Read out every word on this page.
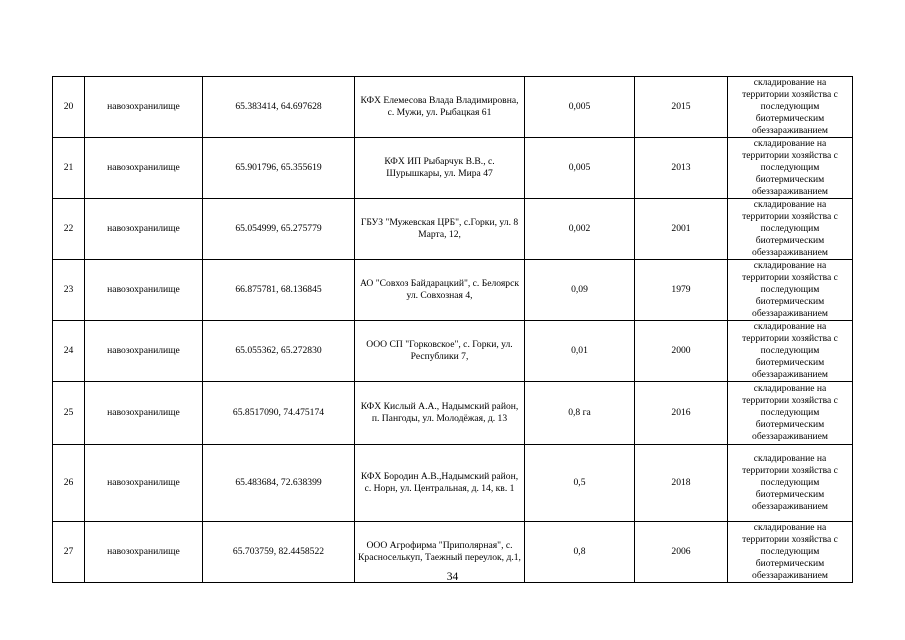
20	навозохранилище	65.383414, 64.697628	КФХ Елемесова Влада Владимировна, с. Мужи, ул. Рыбацкая 61	0,005	2015	складирование на территории хозяйства с последующим биотермическим обеззараживанием
21	навозохранилище	65.901796, 65.355619	КФХ ИП Рыбарчук В.В., с. Шурышкары, ул. Мира 47	0,005	2013	складирование на территории хозяйства с последующим биотермическим обеззараживанием
22	навозохранилище	65.054999, 65.275779	ГБУЗ "Мужевская ЦРБ", с.Горки, ул. 8 Марта, 12,	0,002	2001	складирование на территории хозяйства с последующим биотермическим обеззараживанием
23	навозохранилище	66.875781, 68.136845	АО "Совхоз Байдарацкий", с. Белоярск ул. Совхозная 4,	0,09	1979	складирование на территории хозяйства с последующим биотермическим обеззараживанием
24	навозохранилище	65.055362, 65.272830	ООО СП "Горковское", с. Горки, ул. Республики 7,	0,01	2000	складирование на территории хозяйства с последующим биотермическим обеззараживанием
25	навозохранилище	65.8517090, 74.475174	КФХ Кислый А.А., Надымский район, п. Пангоды, ул. Молодёжая, д. 13	0,8 га	2016	складирование на территории хозяйства с последующим биотермическим обеззараживанием
26	навозохранилище	65.483684, 72.638399	КФХ Бородин А.В.,Надымский район, с. Норн, ул. Центральная, д. 14, кв. 1	0,5	2018	складирование на территории хозяйства с последующим биотермическим обеззараживанием
27	навозохранилище	65.703759, 82.4458522	ООО Агрофирма "Приполярная", с. Красноселькуп, Таежный переулок, д.1,	0,8	2006	складирование на территории хозяйства с последующим биотермическим обеззараживанием
34
